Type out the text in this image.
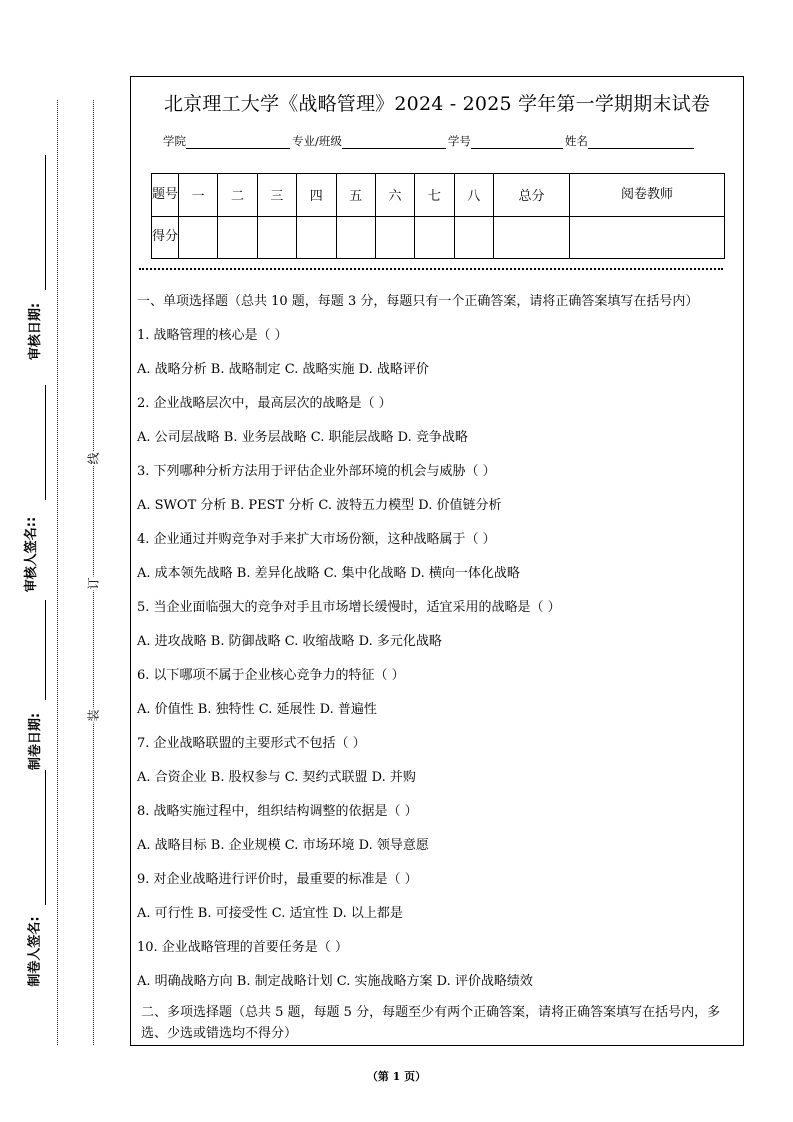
审核日期:
审核人签名::
制卷日期:
制卷人签名:
线
订
装
北京理工大学《战略管理》2024 - 2025 学年第一学期期末试卷
学院	专业/班级	学号	姓名
题号	一	二	三	四	五	六	七	八	总分	阅卷教师
得分										

一、单项选择题（总共 10 题，每题 3 分，每题只有一个正确答案，请将正确答案填写在括号内）

1. 战略管理的核心是（ ）

A. 战略分析 B. 战略制定 C. 战略实施 D. 战略评价

2. 企业战略层次中，最高层次的战略是（ ）

A. 公司层战略 B. 业务层战略 C. 职能层战略 D. 竞争战略

3. 下列哪种分析方法用于评估企业外部环境的机会与威胁（ ）

A. SWOT 分析 B. PEST 分析 C. 波特五力模型 D. 价值链分析

4. 企业通过并购竞争对手来扩大市场份额，这种战略属于（ ）

A. 成本领先战略 B. 差异化战略 C. 集中化战略 D. 横向一体化战略

5. 当企业面临强大的竞争对手且市场增长缓慢时，适宜采用的战略是（ ）

A. 进攻战略 B. 防御战略 C. 收缩战略 D. 多元化战略

6. 以下哪项不属于企业核心竞争力的特征（ ）

A. 价值性 B. 独特性 C. 延展性 D. 普遍性

7. 企业战略联盟的主要形式不包括（ ）

A. 合资企业 B. 股权参与 C. 契约式联盟 D. 并购

8. 战略实施过程中，组织结构调整的依据是（ ）

A. 战略目标 B. 企业规模 C. 市场环境 D. 领导意愿

9. 对企业战略进行评价时，最重要的标准是（ ）

A. 可行性 B. 可接受性 C. 适宜性 D. 以上都是

10. 企业战略管理的首要任务是（ ）

A. 明确战略方向 B. 制定战略计划 C. 实施战略方案 D. 评价战略绩效

二、多项选择题（总共 5 题，每题 5 分，每题至少有两个正确答案，请将正确答案填写在括号内，多选、少选或错选均不得分）

（第 1 页）
